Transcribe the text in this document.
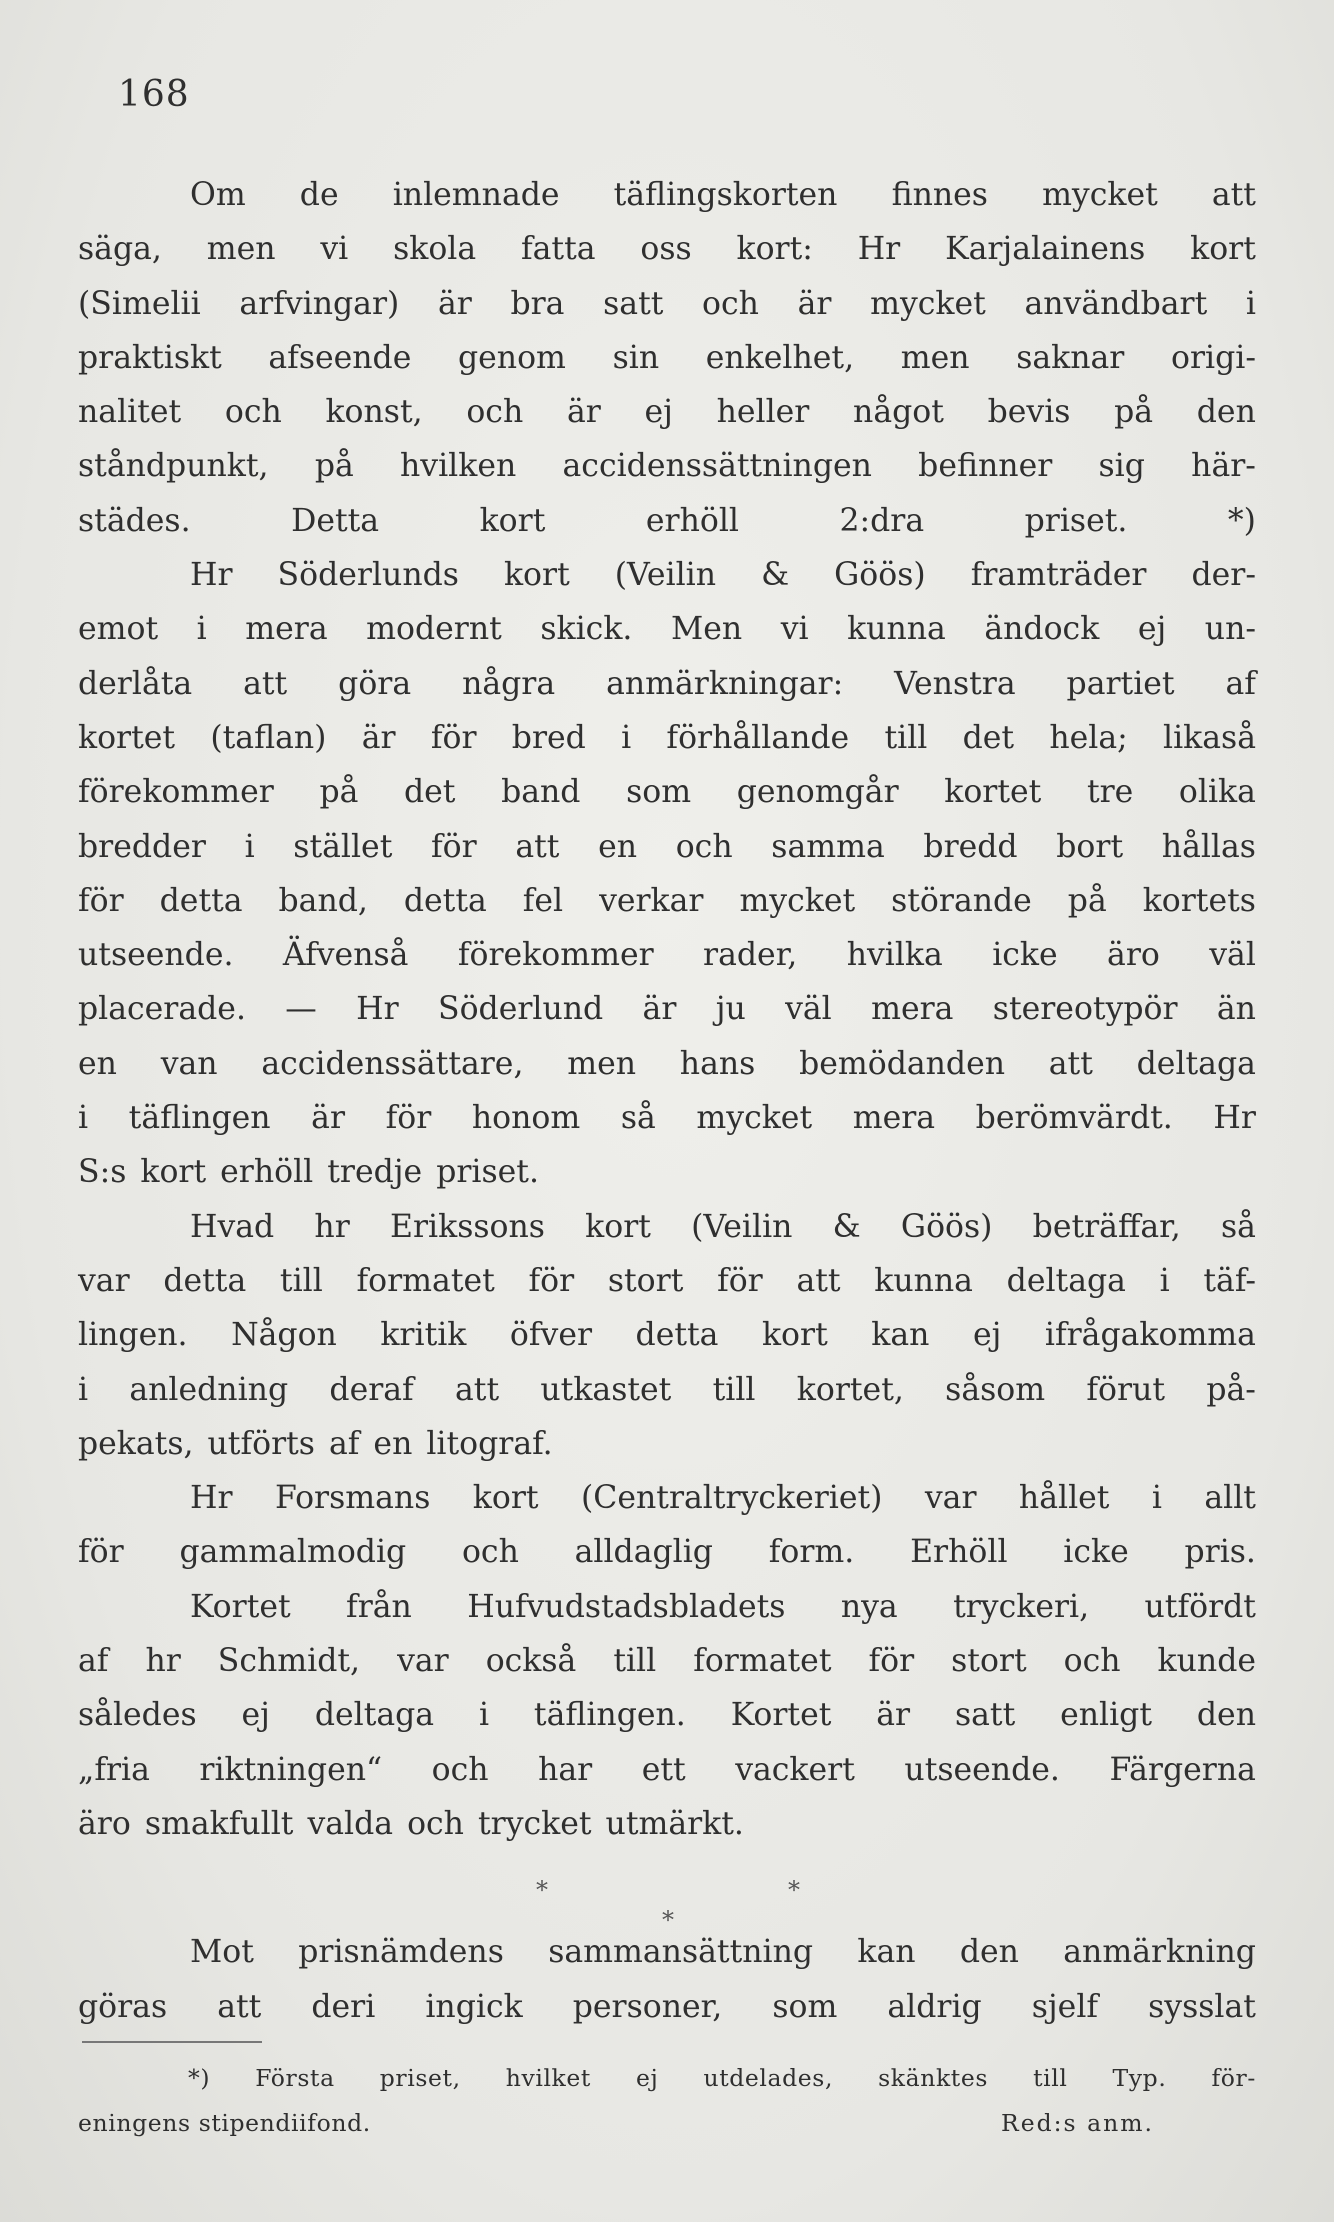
168
Om de inlemnade täflingskorten finnes mycket att
säga, men vi skola fatta oss kort: Hr Karjalainens kort
(Simelii arfvingar) är bra satt och är mycket användbart i
praktiskt afseende genom sin enkelhet, men saknar origi-
nalitet och konst, och är ej heller något bevis på den
ståndpunkt, på hvilken accidenssättningen befinner sig här-
städes.	Detta	kort	erhöll	2:dra	priset.	*)
Hr Söderlunds kort (Veilin & Göös) framträder der-
emot i mera modernt skick. Men vi kunna ändock ej un-
derlåta att göra några anmärkningar: Venstra partiet af
kortet (taflan) är för bred i förhållande till det hela; likaså
förekommer på det band som genomgår kortet tre olika
bredder i stället för att en och samma bredd bort hållas
för detta band, detta fel verkar mycket störande på kortets
utseende. Äfvenså förekommer rader, hvilka icke äro väl
placerade. — Hr Söderlund är ju väl mera stereotypör än
en van accidenssättare, men hans bemödanden att deltaga
i täflingen är för honom så mycket mera berömvärdt. Hr
S:s kort erhöll tredje priset.
Hvad hr Erikssons kort (Veilin & Göös) beträffar, så
var detta till formatet för stort för att kunna deltaga i täf-
lingen. Någon kritik öfver detta kort kan ej ifrågakomma
i anledning deraf att utkastet till kortet, såsom förut på-
pekats, utförts af en litograf.
Hr Forsmans kort (Centraltryckeriet) var hållet i allt
för gammalmodig och alldaglig form. Erhöll icke pris.
Kortet från Hufvudstadsbladets nya tryckeri, utfördt
af hr Schmidt, var också till formatet för stort och kunde
således ej deltaga i täflingen. Kortet är satt enligt den
„fria riktningen“ och har ett vackert utseende. Färgerna
äro smakfullt valda och trycket utmärkt.
*	*
*
Mot prisnämdens sammansättning kan den anmärkning
göras att deri ingick personer, som aldrig sjelf sysslat
*) Första priset, hvilket ej utdelades, skänktes till Typ. för-
eningens stipendiifond.	Red:s anm.
